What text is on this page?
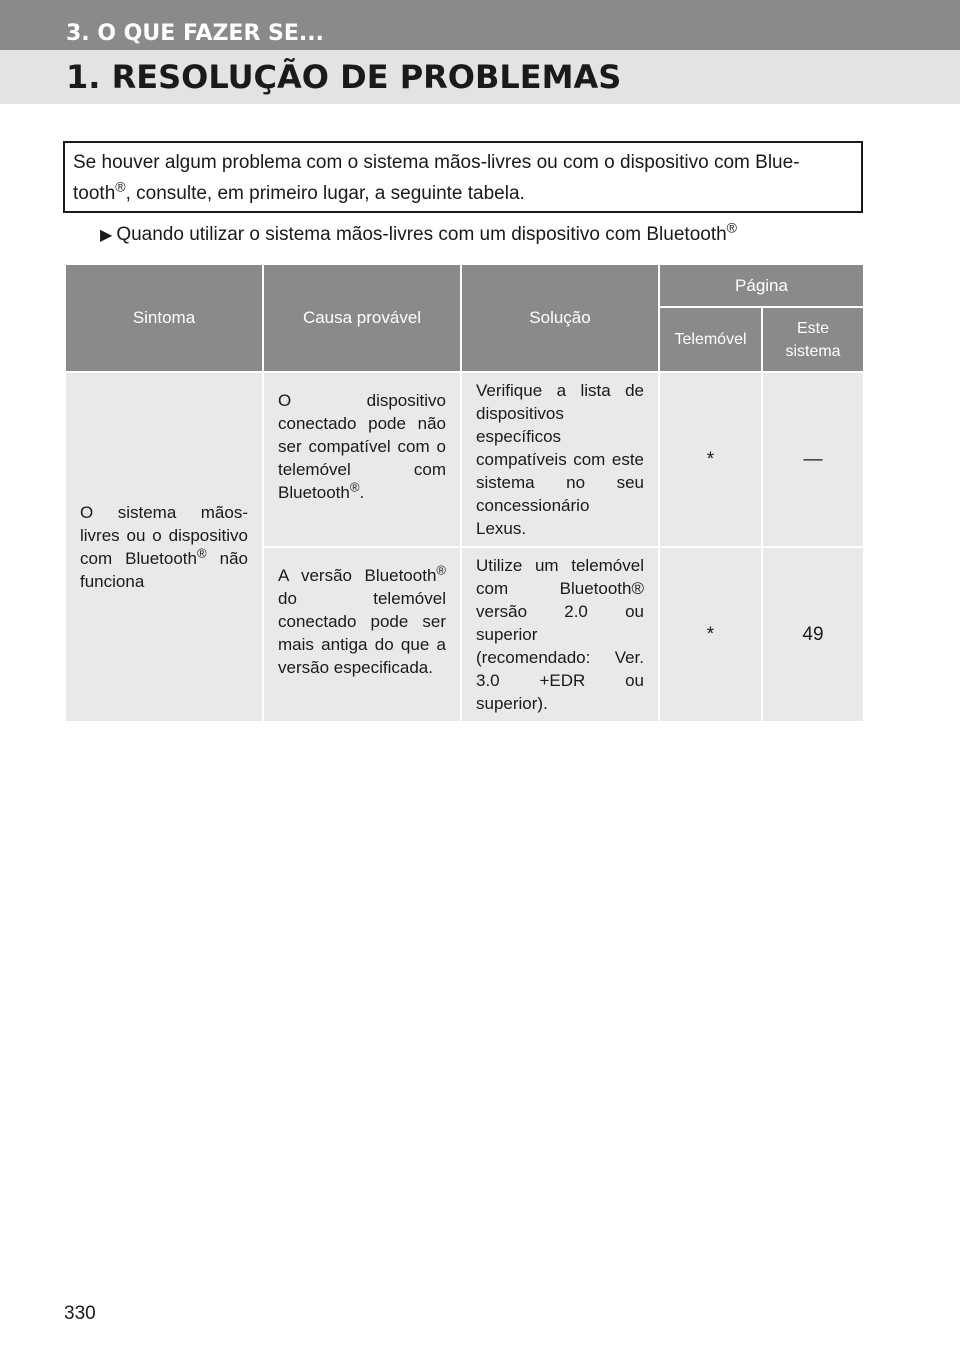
3. O QUE FAZER SE...
1. RESOLUÇÃO DE PROBLEMAS
Se houver algum problema com o sistema mãos-livres ou com o dispositivo com Blue-
tooth®, consulte, em primeiro lugar, a seguinte tabela.
▶ Quando utilizar o sistema mãos-livres com um dispositivo com Bluetooth®
Sintoma	Causa provável	Solução	Página	
			Telemóvel	Este sistema
O sistema mãos-livres ou o dispositivo com Bluetooth® não funciona	O dispositivo conectado pode não ser compatível com o telemóvel com Bluetooth®.	Verifique a lista de dispositivos específicos compatíveis com este sistema no seu concessionário Lexus.	*	—
	A versão Bluetooth® do telemóvel conectado pode ser mais antiga do que a versão especificada.	Utilize um telemóvel com Bluetooth® versão 2.0 ou superior (recomendado: Ver. 3.0 +EDR ou superior).	*	49
330
